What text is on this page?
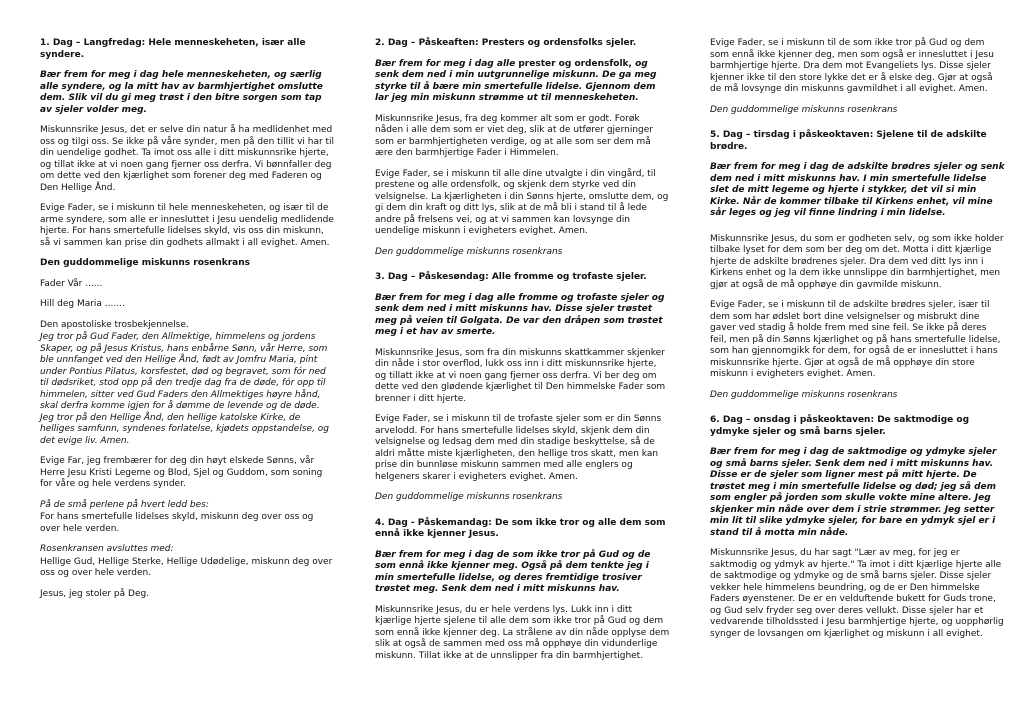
1. Dag – Langfredag: Hele menneskeheten, især alle syndere.

Bær frem for meg i dag hele menneskeheten, og særlig alle syndere, og la mitt hav av barmhjertighet omslutte dem. Slik vil du gi meg trøst i den bitre sorgen som tap av sjeler volder meg.

Miskunnsrike Jesus, det er selve din natur å ha medlidenhet med oss og tilgi oss. Se ikke på våre synder, men på den tillit vi har til din uendelige godhet. Ta imot oss alle i ditt miskunnsrike hjerte, og tillat ikke at vi noen gang fjerner oss derfra. Vi bønnfaller deg om dette ved den kjærlighet som forener deg med Faderen og Den Hellige Ånd.

Evige Fader, se i miskunn til hele menneskeheten, og især til de arme syndere, som alle er innesluttet i Jesu uendelig medlidende hjerte. For hans smertefulle lidelses skyld, vis oss din miskunn, så vi sammen kan prise din godhets allmakt i all evighet. Amen.

Den guddommelige miskunns rosenkrans

Fader Vår ......

Hill deg Maria .......

Den apostoliske trosbekjennelse.

Jeg tror på Gud Fader, den Allmektige, himmelens og jordens Skaper, og på Jesus Kristus, hans enbårne Sønn, vår Herre, som ble unnfanget ved den Hellige Ånd, født av Jomfru Maria, pint under Pontius Pilatus, korsfestet, død og begravet, som fór ned til dødsriket, stod opp på den tredje dag fra de døde, fór opp til himmelen, sitter ved Gud Faders den Allmektiges høyre hånd, skal derfra komme igjen for å dømme de levende og de døde. Jeg tror på den Hellige Ånd, den hellige katolske Kirke, de helliges samfunn, syndenes forlatelse, kjødets oppstandelse, og det evige liv. Amen.

Evige Far, jeg frembærer for deg din høyt elskede Sønns, vår Herre Jesu Kristi Legeme og Blod, Sjel og Guddom, som soning for våre og hele verdens synder.

På de små perlene på hvert ledd bes:

For hans smertefulle lidelses skyld, miskunn deg over oss og over hele verden.

Rosenkransen avsluttes med:

Hellige Gud, Hellige Sterke, Hellige Udødelige, miskunn deg over oss og over hele verden.

Jesus, jeg stoler på Deg.

2. Dag – Påskeaften: Presters og ordensfolks sjeler.

Bær frem for meg i dag alle prester og ordensfolk, og senk dem ned i min uutgrunnelige miskunn. De ga meg styrke til å bære min smertefulle lidelse. Gjennom dem lar jeg min miskunn strømme ut til menneskeheten.

Miskunnsrike Jesus, fra deg kommer alt som er godt. Forøk nåden i alle dem som er viet deg, slik at de utfører gjerninger som er barmhjertigheten verdige, og at alle som ser dem må ære den barmhjertige Fader i Himmelen.

Evige Fader, se i miskunn til alle dine utvalgte i din vingård, til prestene og alle ordensfolk, og skjenk dem styrke ved din velsignelse. La kjærligheten i din Sønns hjerte, omslutte dem, og gi dem din kraft og ditt lys, slik at de må bli i stand til å lede andre på frelsens vei, og at vi sammen kan lovsynge din uendelige miskunn i evigheters evighet. Amen.

Den guddommelige miskunns rosenkrans

3. Dag – Påskesøndag: Alle fromme og trofaste sjeler.

Bær frem for meg i dag alle fromme og trofaste sjeler og senk dem ned i mitt miskunns hav. Disse sjeler trøstet meg på veien til Golgata. De var den dråpen som trøstet meg i et hav av smerte.

Miskunnsrike Jesus, som fra din miskunns skattkammer skjenker din nåde i stor overflod, lukk oss inn i ditt miskunnsrike hjerte, og tillatt ikke at vi noen gang fjerner oss derfra. Vi ber deg om dette ved den glødende kjærlighet til Den himmelske Fader som brenner i ditt hjerte.

Evige Fader, se i miskunn til de trofaste sjeler som er din Sønns arvelodd. For hans smertefulle lidelses skyld, skjenk dem din velsignelse og ledsag dem med din stadige beskyttelse, så de aldri måtte miste kjærligheten, den hellige tros skatt, men kan prise din bunnløse miskunn sammen med alle englers og helgeners skarer i evigheters evighet. Amen.

Den guddommelige miskunns rosenkrans

4. Dag - Påskemandag: De som ikke tror og alle dem som ennå ikke kjenner Jesus.

Bær frem for meg i dag de som ikke tror på Gud og de som ennå ikke kjenner meg. Også på dem tenkte jeg i min smertefulle lidelse, og deres fremtidige trosiver trøstet meg. Senk dem ned i mitt miskunns hav.

Miskunnsrike Jesus, du er hele verdens lys. Lukk inn i ditt kjærlige hjerte sjelene til alle dem som ikke tror på Gud og dem som ennå ikke kjenner deg. La strålene av din nåde opplyse dem slik at også de sammen med oss må opphøye din vidunderlige miskunn. Tillat ikke at de unnslipper fra din barmhjertighet.

Evige Fader, se i miskunn til de som ikke tror på Gud og dem som ennå ikke kjenner deg, men som også er innesluttet i Jesu barmhjertige hjerte. Dra dem mot Evangeliets lys. Disse sjeler kjenner ikke til den store lykke det er å elske deg. Gjør at også de må lovsynge din miskunns gavmildhet i all evighet. Amen.

Den guddommelige miskunns rosenkrans

5. Dag – tirsdag i påskeoktaven: Sjelene til de adskilte brødre.

Bær frem for meg i dag de adskilte brødres sjeler og senk dem ned i mitt miskunns hav. I min smertefulle lidelse slet de mitt legeme og hjerte i stykker, det vil si min Kirke. Når de kommer tilbake til Kirkens enhet, vil mine sår leges og jeg vil finne lindring i min lidelse.

Miskunnsrike Jesus, du som er godheten selv, og som ikke holder tilbake lyset for dem som ber deg om det. Motta i ditt kjærlige hjerte de adskilte brødrenes sjeler. Dra dem ved ditt lys inn i Kirkens enhet og la dem ikke unnslippe din barmhjertighet, men gjør at også de må opphøye din gavmilde miskunn.

Evige Fader, se i miskunn til de adskilte brødres sjeler, især til dem som har ødslet bort dine velsignelser og misbrukt dine gaver ved stadig å holde frem med sine feil. Se ikke på deres feil, men på din Sønns kjærlighet og på hans smertefulle lidelse, som han gjennomgikk for dem, for også de er innesluttet i hans miskunnsrike hjerte. Gjør at også de må opphøye din store miskunn i evigheters evighet. Amen.

Den guddommelige miskunns rosenkrans

6. Dag – onsdag i påskeoktaven: De saktmodige og ydmyke sjeler og små barns sjeler.

Bær frem for meg i dag de saktmodige og ydmyke sjeler og små barns sjeler. Senk dem ned i mitt miskunns hav. Disse er de sjeler som ligner mest på mitt hjerte. De trøstet meg i min smertefulle lidelse og død; jeg så dem som engler på jorden som skulle vokte mine altere. Jeg skjenker min nåde over dem i strie strømmer. Jeg setter min lit til slike ydmyke sjeler, for bare en ydmyk sjel er i stand til å motta min nåde.

Miskunnsrike Jesus, du har sagt "Lær av meg, for jeg er saktmodig og ydmyk av hjerte." Ta imot i ditt kjærlige hjerte alle de saktmodige og ydmyke og de små barns sjeler. Disse sjeler vekker hele himmelens beundring, og de er Den himmelske Faders øyenstener. De er en velduftende bukett for Guds trone, og Gud selv fryder seg over deres vellukt. Disse sjeler har et vedvarende tilholdssted i Jesu barmhjertige hjerte, og uopphørlig synger de lovsangen om kjærlighet og miskunn i all evighet.
